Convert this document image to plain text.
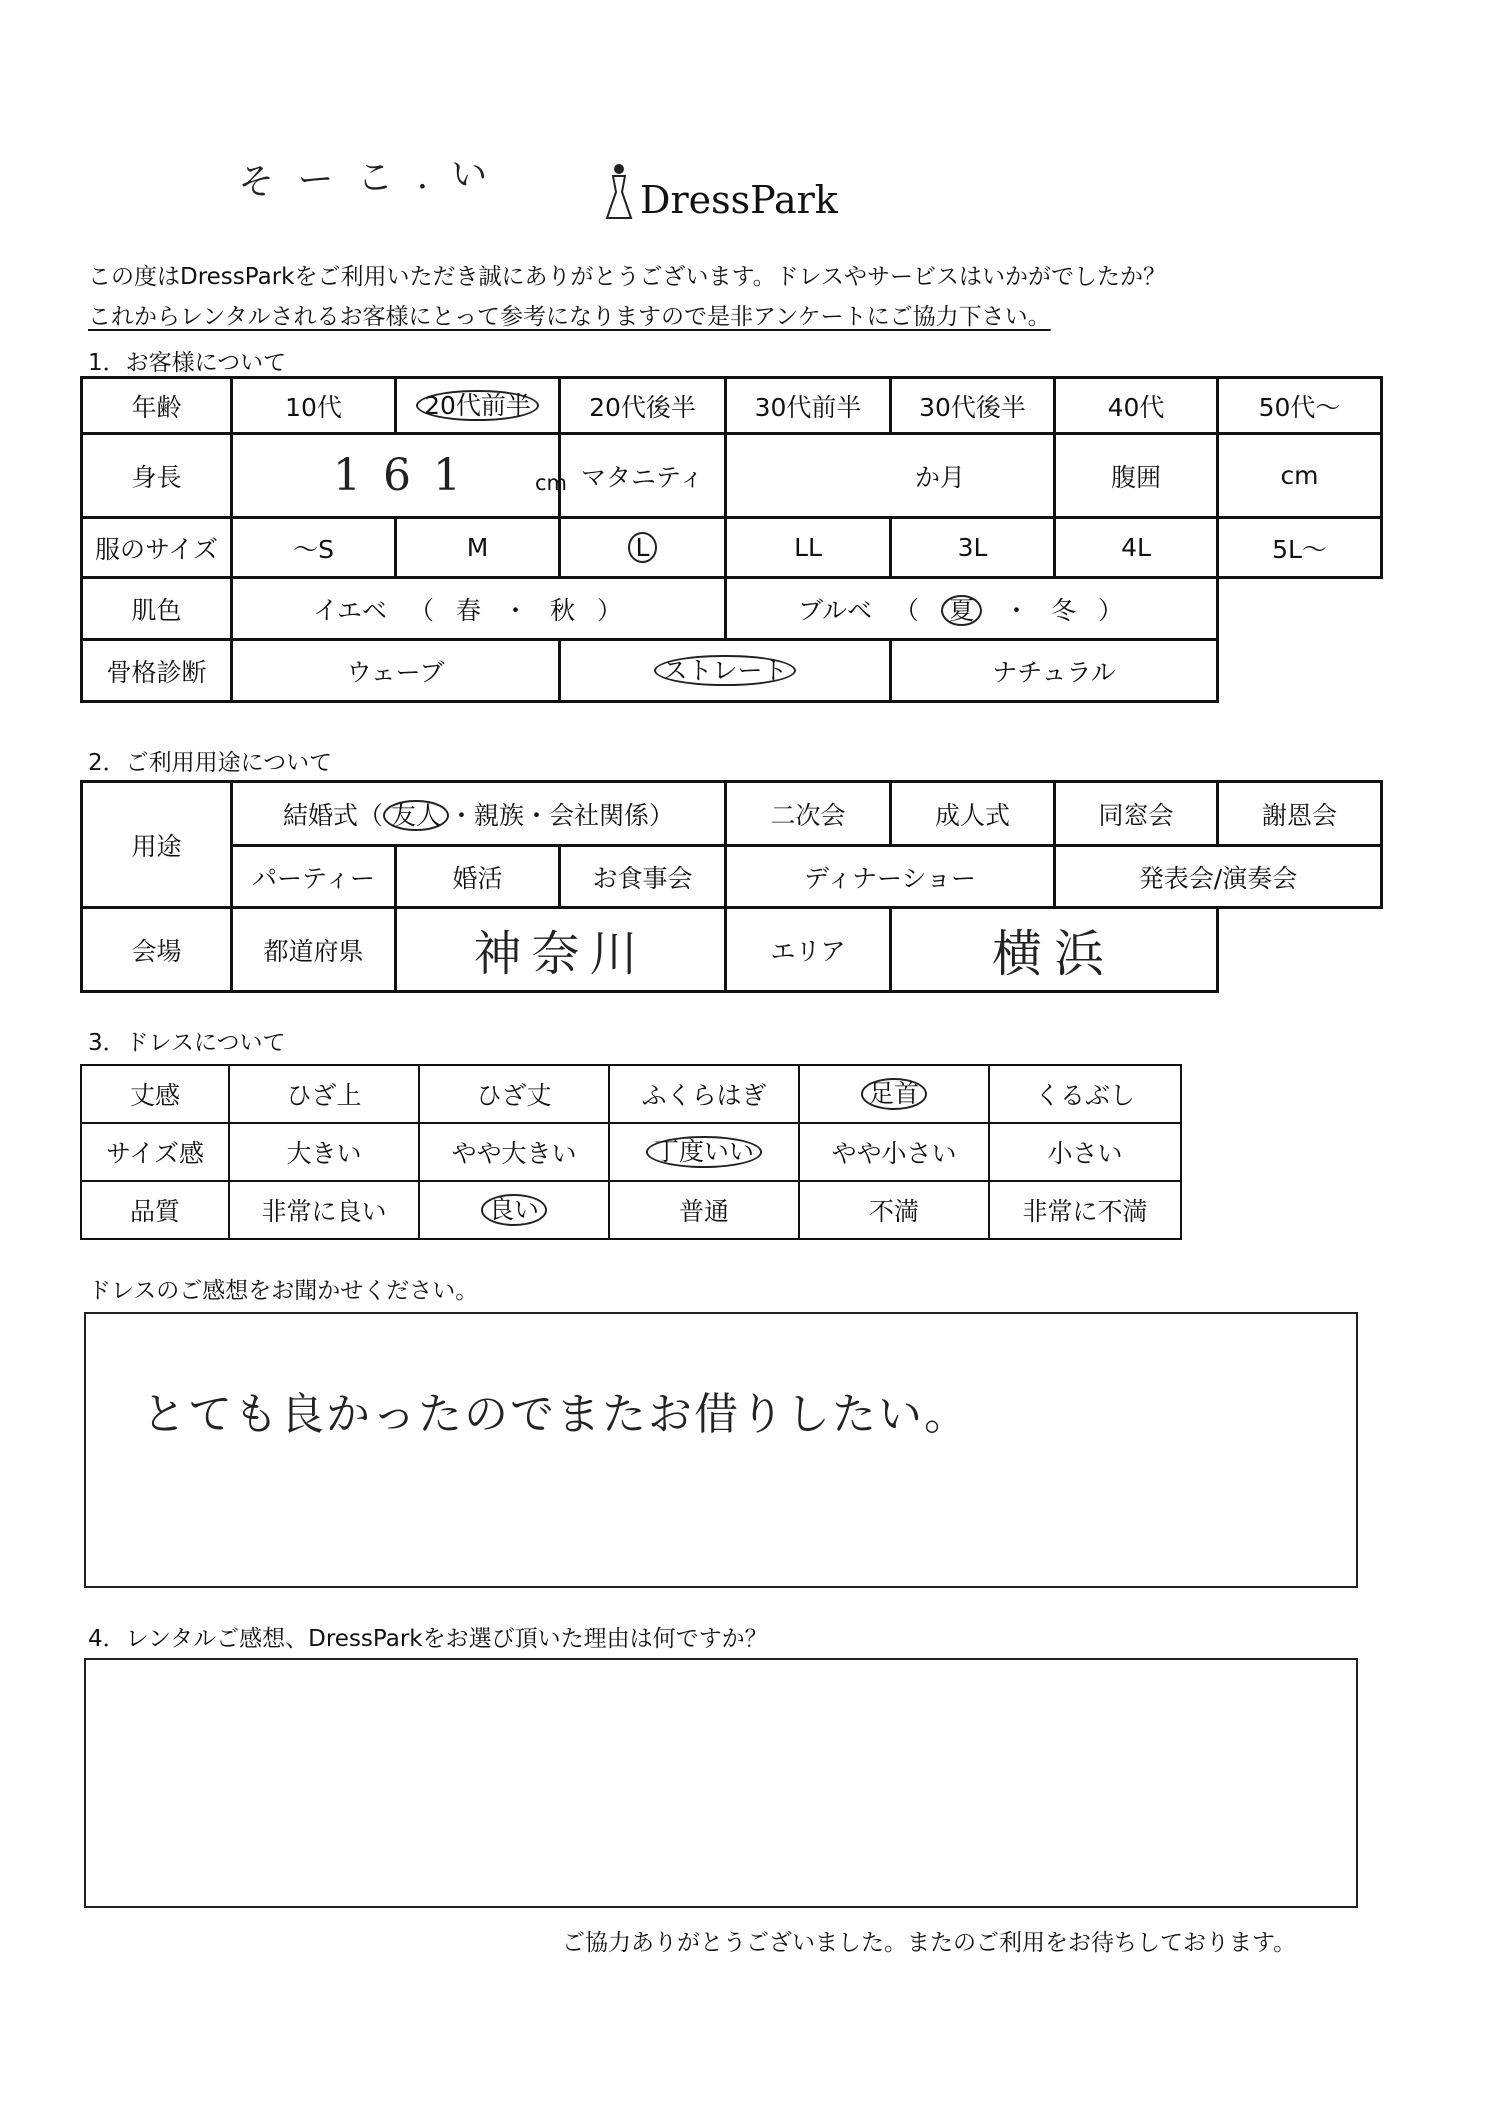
そ ー こ . い	DressPark
この度はDressParkをご利用いただき誠にありがとうございます。ドレスやサービスはいかがでしたか？
これからレンタルされるお客様にとって参考になりますので是非アンケートにご協力下さい。
1．お客様について
年齢	10代	20代前半	20代後半	30代前半	30代後半	40代	50代～
身長	161 cm		マタニティ	か月		腹囲	cm
服のサイズ	～S	M	L	LL	3L	4L	5L～
肌色	イエベ （ 春 ・ 秋 ）			ブルベ （ 夏 ・ 冬 ）			
骨格診断	ウェーブ		ストレート		ナチュラル		
2．ご利用用途について
用途	結婚式（ 友人 ・親族・会社関係）			二次会	成人式	同窓会	謝恩会
	パーティー	婚活	お食事会	ディナーショー		発表会/演奏会	
会場	都道府県	神奈川		エリア	横浜		
3．ドレスについて
丈感	ひざ上	ひざ丈	ふくらはぎ	足首	くるぶし
サイズ感	大きい	やや大きい	丁度いい	やや小さい	小さい
品質	非常に良い	良い	普通	不満	非常に不満
ドレスのご感想をお聞かせください。
とても良かったのでまたお借りしたい。
4．レンタルご感想、DressParkをお選び頂いた理由は何ですか？
ご協力ありがとうございました。またのご利用をお待ちしております。
